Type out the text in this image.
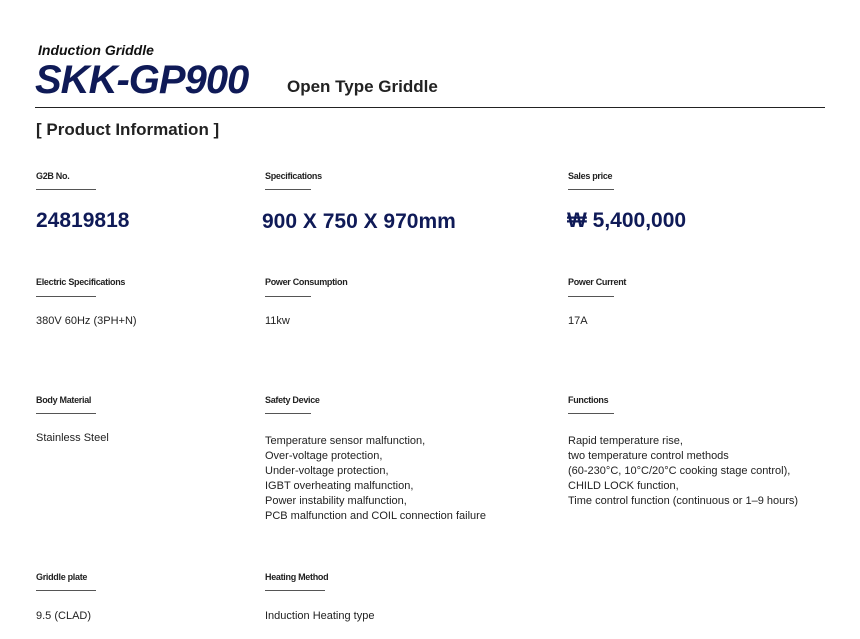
Induction Griddle
SKK-GP900 Open Type Griddle
[ Product Information ]
G2B No.
24819818
Specifications
900 X 750 X 970mm
Sales price
₩ 5,400,000
Electric Specifications
380V 60Hz (3PH+N)
Power Consumption
11kw
Power Current
17A
Body Material
Stainless Steel
Safety Device
Temperature sensor malfunction,
Over-voltage protection,
Under-voltage protection,
IGBT overheating malfunction,
Power instability malfunction,
PCB malfunction and COIL connection failure
Functions
Rapid temperature rise,
two temperature control methods
(60-230°C, 10°C/20°C cooking stage control),
CHILD LOCK function,
Time control function (continuous or 1–9 hours)
Griddle plate
9.5 (CLAD)
Heating Method
Induction Heating type
